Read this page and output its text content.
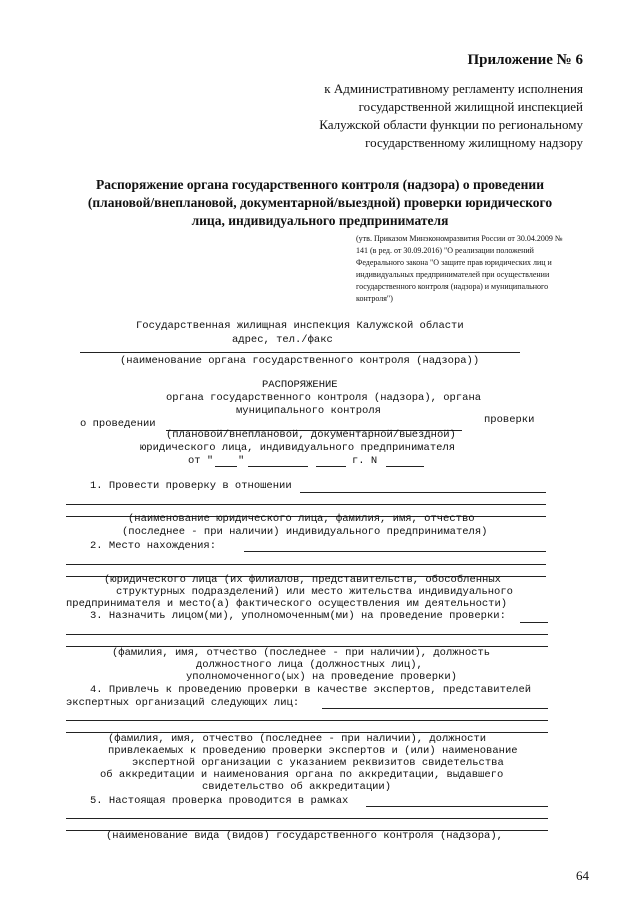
Приложение № 6
к Административному регламенту исполнения
государственной жилищной инспекцией
Калужской области функции по региональному
государственному жилищному надзору
Распоряжение органа государственного контроля (надзора) о проведении
(плановой/внеплановой, документарной/выездной) проверки юридического
лица, индивидуального предпринимателя
(утв. Приказом Минэкономразвития России от 30.04.2009 №
141 (в ред. от 30.09.2016) "О реализации положений
Федерального закона "О защите прав юридических лиц и
индивидуальных предпринимателей при осуществлении
государственного контроля (надзора) и муниципального
контроля")
Государственная жилищная инспекция Калужской области
адрес, тел./факс
(наименование органа государственного контроля (надзора))
РАСПОРЯЖЕНИЕ
органа государственного контроля (надзора), органа
муниципального контроля
о проведении	проверки
(плановой/внеплановой, документарной/выездной)
юридического лица, индивидуального предпринимателя
от " "	г. N
1. Провести проверку в отношении
(наименование юридического лица, фамилия, имя, отчество
(последнее - при наличии) индивидуального предпринимателя)
2. Место нахождения:
(юридического лица (их филиалов, представительств, обособленных
структурных подразделений) или место жительства индивидуального
предпринимателя и место(а) фактического осуществления им деятельности)
3. Назначить лицом(ми), уполномоченным(ми) на проведение проверки:
(фамилия, имя, отчество (последнее - при наличии), должность
должностного лица (должностных лиц),
уполномоченного(ых) на проведение проверки)
4. Привлечь к проведению проверки в качестве экспертов, представителей
экспертных организаций следующих лиц:
(фамилия, имя, отчество (последнее - при наличии), должности
привлекаемых к проведению проверки экспертов и (или) наименование
экспертной организации с указанием реквизитов свидетельства
об аккредитации и наименования органа по аккредитации, выдавшего
свидетельство об аккредитации)
5. Настоящая проверка проводится в рамках
(наименование вида (видов) государственного контроля (надзора),
64
